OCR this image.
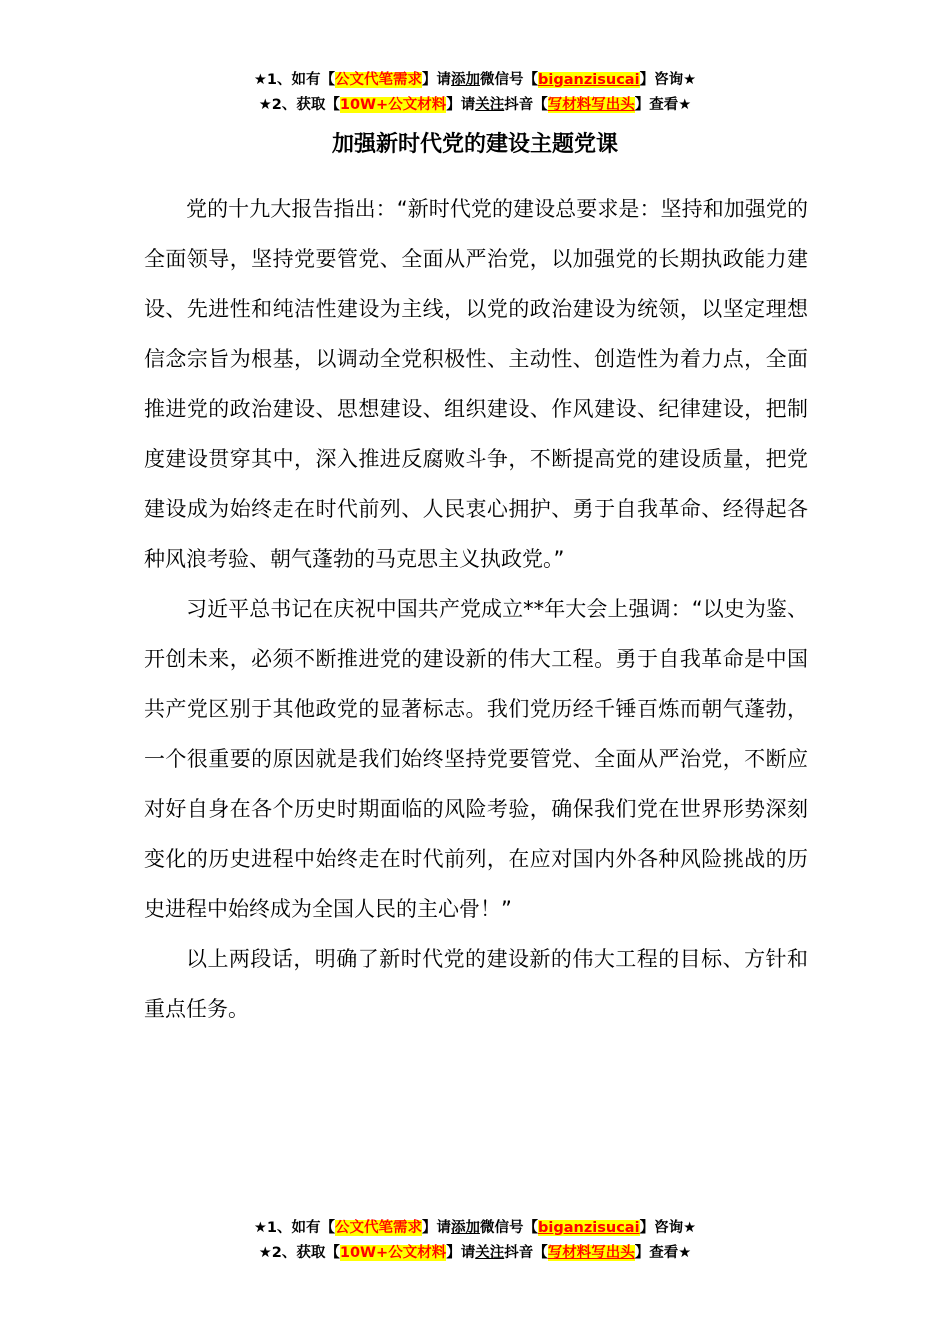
★1、如有【公文代笔需求】请添加微信号【biganzisucai】咨询★
★2、获取【10W+公文材料】请关注抖音【写材料写出头】查看★
加强新时代党的建设主题党课

党的十九大报告指出：“新时代党的建设总要求是：坚持和加强党的全面领导，坚持党要管党、全面从严治党，以加强党的长期执政能力建设、先进性和纯洁性建设为主线，以党的政治建设为统领，以坚定理想信念宗旨为根基，以调动全党积极性、主动性、创造性为着力点，全面推进党的政治建设、思想建设、组织建设、作风建设、纪律建设，把制度建设贯穿其中，深入推进反腐败斗争，不断提高党的建设质量，把党建设成为始终走在时代前列、人民衷心拥护、勇于自我革命、经得起各种风浪考验、朝气蓬勃的马克思主义执政党。”

习近平总书记在庆祝中国共产党成立**年大会上强调：“以史为鉴、开创未来，必须不断推进党的建设新的伟大工程。勇于自我革命是中国共产党区别于其他政党的显著标志。我们党历经千锤百炼而朝气蓬勃，一个很重要的原因就是我们始终坚持党要管党、全面从严治党，不断应对好自身在各个历史时期面临的风险考验，确保我们党在世界形势深刻变化的历史进程中始终走在时代前列，在应对国内外各种风险挑战的历史进程中始终成为全国人民的主心骨！”

以上两段话，明确了新时代党的建设新的伟大工程的目标、方针和重点任务。

★1、如有【公文代笔需求】请添加微信号【biganzisucai】咨询★
★2、获取【10W+公文材料】请关注抖音【写材料写出头】查看★
